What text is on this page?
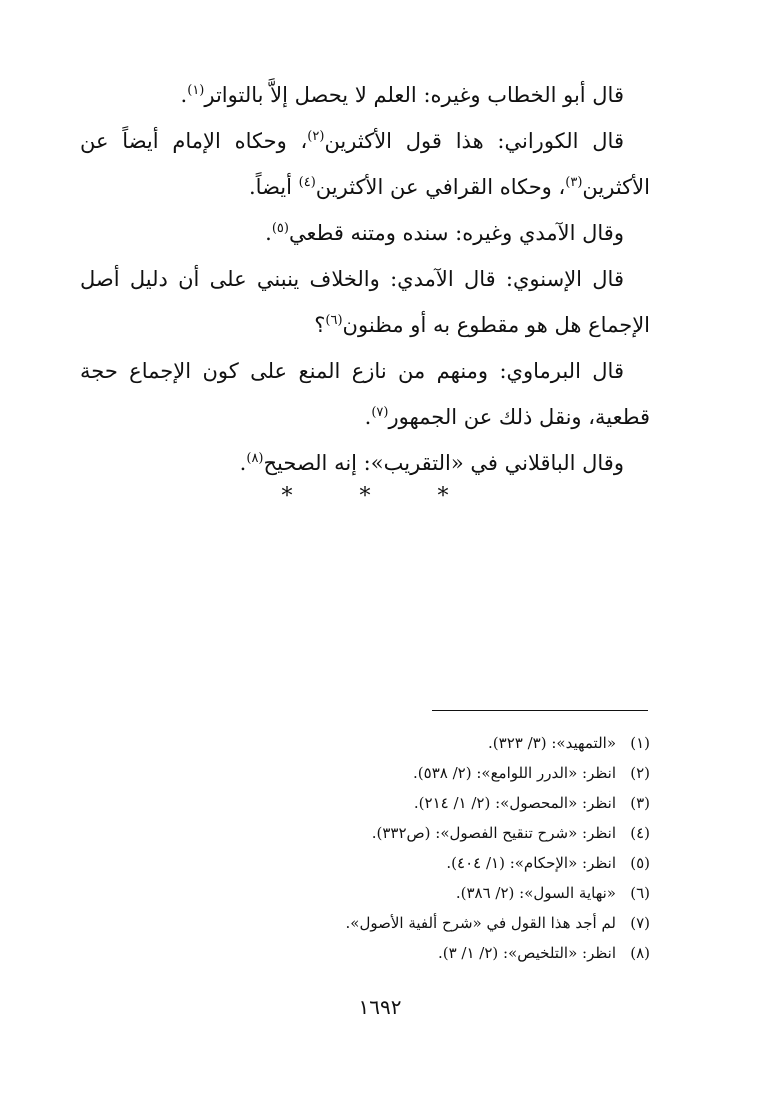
قال أبو الخطاب وغيره: العلم لا يحصل إلاَّ بالتواتر$^{(١)}$.

قال الكوراني: هذا قول الأكثرين$^{(٢)}$، وحكاه الإمام أيضاً عن الأكثرين$^{(٣)}$، وحكاه القرافي عن الأكثرين$^{(٤)}$ أيضاً.

وقال الآمدي وغيره: سنده ومتنه قطعي$^{(٥)}$.

قال الإسنوي: قال الآمدي: والخلاف ينبني على أن دليل أصل الإجماع هل هو مقطوع به أو مظنون$^{(٦)}$؟

قال البرماوي: ومنهم من نازع المنع على كون الإجماع حجة قطعية، ونقل ذلك عن الجمهور$^{(٧)}$.

وقال الباقلاني في «التقريب»: إنه الصحيح$^{(٨)}$.

* * *
(١)
«التمهيد»: (٣/ ٣٢٣).
(٢)
انظر: «الدرر اللوامع»: (٢/ ٥٣٨).
(٣)
انظر: «المحصول»: (٢/ ١/ ٢١٤).
(٤)
انظر: «شرح تنقيح الفصول»: (ص٣٣٢).
(٥)
انظر: «الإحكام»: (١/ ٤٠٤).
(٦)
«نهاية السول»: (٢/ ٣٨٦).
(٧)
لم أجد هذا القول في «شرح ألفية الأصول».
(٨)
انظر: «التلخيص»: (٢/ ١/ ٣).
١٦٩٢
